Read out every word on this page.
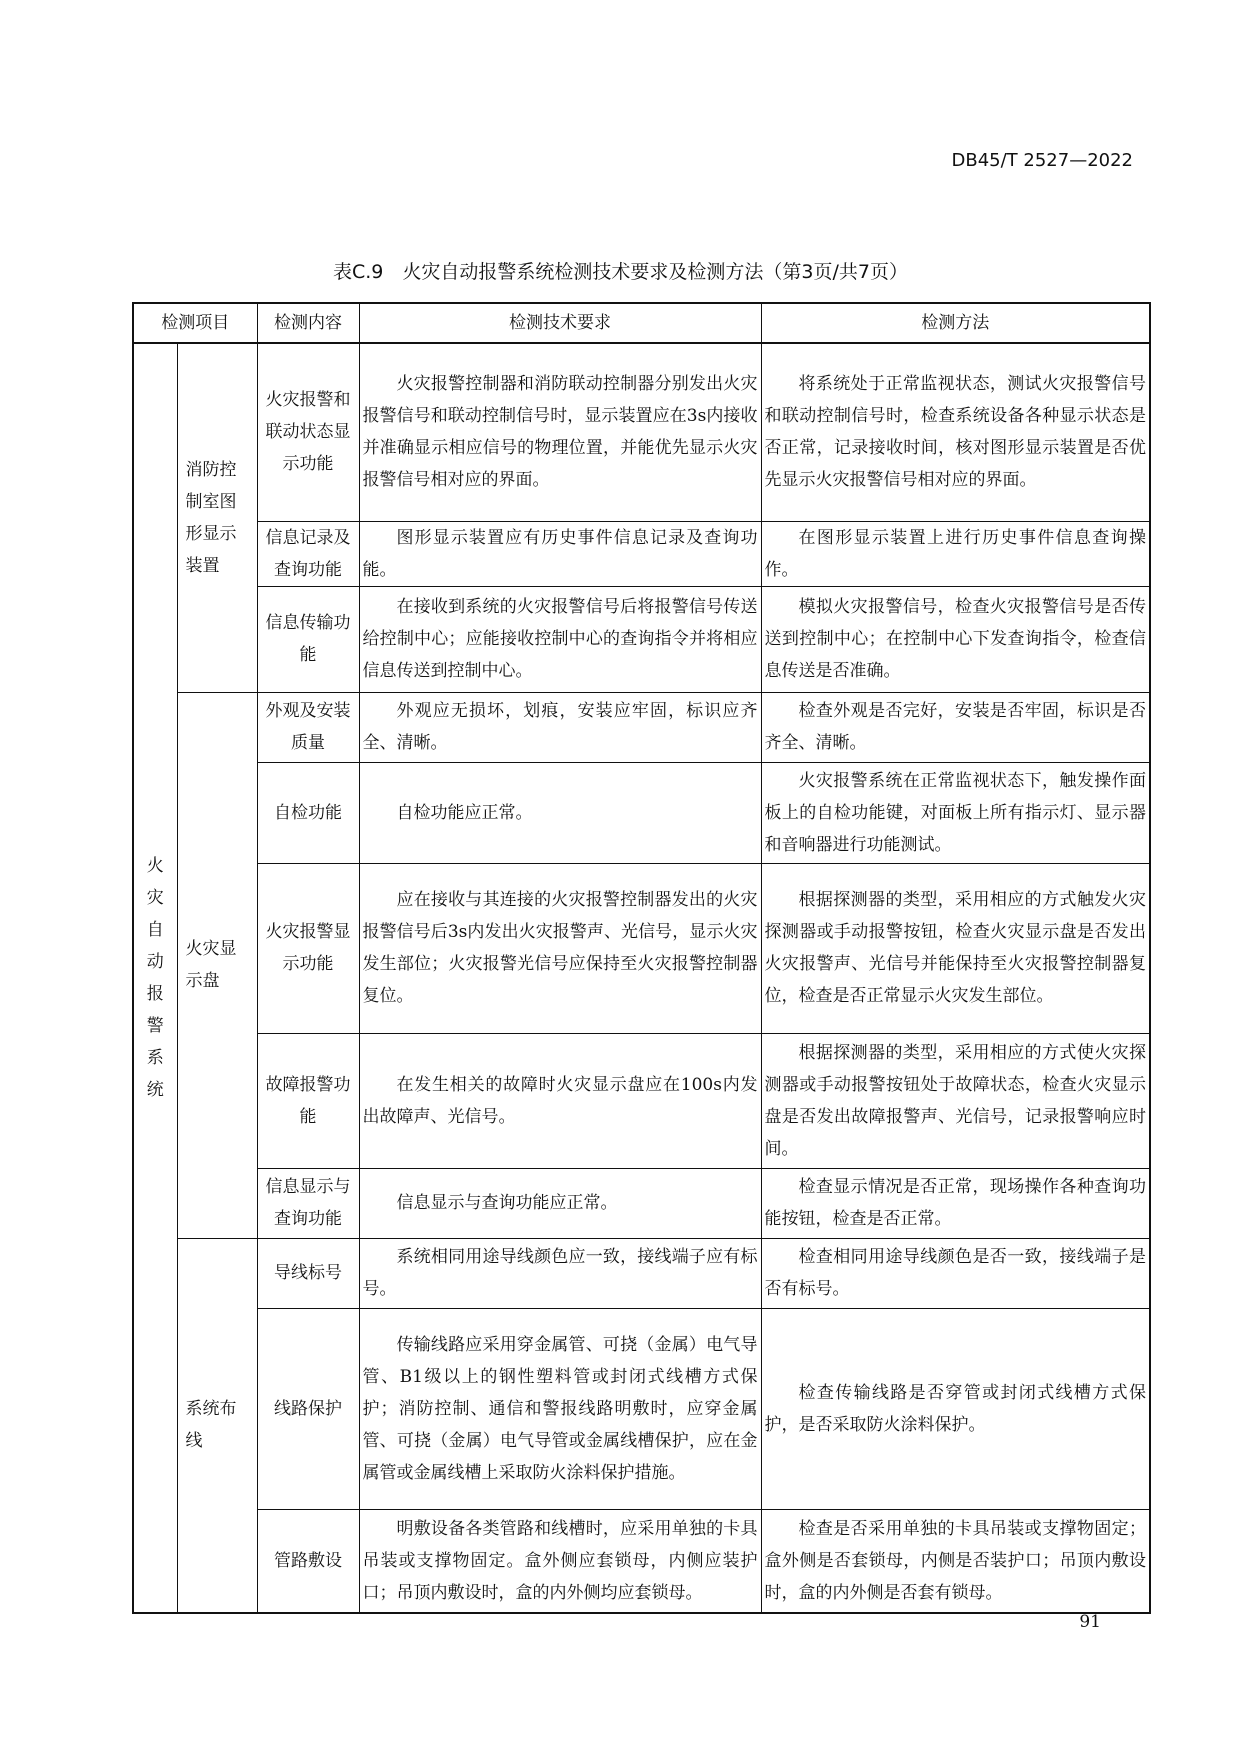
DB45/T 2527—2022
表C.9　火灾自动报警系统检测技术要求及检测方法（第3页/共7页）
检测项目		检测内容	检测技术要求	检测方法

火灾自动报警系统	消防控制室图形显示装置	火灾报警和联动状态显示功能	火灾报警控制器和消防联动控制器分别发出火灾报警信号和联动控制信号时，显示装置应在3s内接收并准确显示相应信号的物理位置，并能优先显示火灾报警信号相对应的界面。	将系统处于正常监视状态，测试火灾报警信号和联动控制信号时，检查系统设备各种显示状态是否正常，记录接收时间，核对图形显示装置是否优先显示火灾报警信号相对应的界面。
		信息记录及查询功能	图形显示装置应有历史事件信息记录及查询功能。	在图形显示装置上进行历史事件信息查询操作。
		信息传输功能	在接收到系统的火灾报警信号后将报警信号传送给控制中心；应能接收控制中心的查询指令并将相应信息传送到控制中心。	模拟火灾报警信号，检查火灾报警信号是否传送到控制中心；在控制中心下发查询指令，检查信息传送是否准确。
	火灾显示盘	外观及安装质量	外观应无损坏，划痕，安装应牢固，标识应齐全、清晰。	检查外观是否完好，安装是否牢固，标识是否齐全、清晰。
		自检功能	自检功能应正常。	火灾报警系统在正常监视状态下，触发操作面板上的自检功能键，对面板上所有指示灯、显示器和音响器进行功能测试。
		火灾报警显示功能	应在接收与其连接的火灾报警控制器发出的火灾报警信号后3s内发出火灾报警声、光信号，显示火灾发生部位；火灾报警光信号应保持至火灾报警控制器复位。	根据探测器的类型，采用相应的方式触发火灾探测器或手动报警按钮，检查火灾显示盘是否发出火灾报警声、光信号并能保持至火灾报警控制器复位，检查是否正常显示火灾发生部位。
		故障报警功能	在发生相关的故障时火灾显示盘应在100s内发出故障声、光信号。	根据探测器的类型，采用相应的方式使火灾探测器或手动报警按钮处于故障状态，检查火灾显示盘是否发出故障报警声、光信号，记录报警响应时间。
		信息显示与查询功能	信息显示与查询功能应正常。	检查显示情况是否正常，现场操作各种查询功能按钮，检查是否正常。
	系统布线	导线标号	系统相同用途导线颜色应一致，接线端子应有标号。	检查相同用途导线颜色是否一致，接线端子是否有标号。
		线路保护	传输线路应采用穿金属管、可挠（金属）电气导管、B1级以上的钢性塑料管或封闭式线槽方式保护；消防控制、通信和警报线路明敷时，应穿金属管、可挠（金属）电气导管或金属线槽保护，应在金属管或金属线槽上采取防火涂料保护措施。	检查传输线路是否穿管或封闭式线槽方式保护，是否采取防火涂料保护。
		管路敷设	明敷设备各类管路和线槽时，应采用单独的卡具吊装或支撑物固定。盒外侧应套锁母，内侧应装护口；吊顶内敷设时，盒的内外侧均应套锁母。	检查是否采用单独的卡具吊装或支撑物固定；盒外侧是否套锁母，内侧是否装护口；吊顶内敷设时，盒的内外侧是否套有锁母。
91
